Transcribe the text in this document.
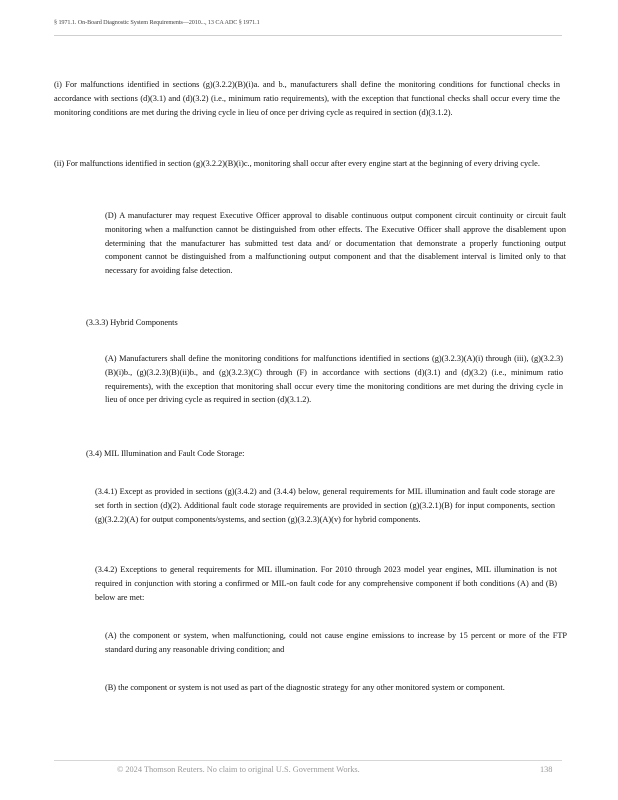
§ 1971.1. On-Board Diagnostic System Requirements—2010..., 13 CA ADC § 1971.1

(i) For malfunctions identified in sections (g)(3.2.2)(B)(i)a. and b., manufacturers shall define the monitoring conditions for functional checks in accordance with sections (d)(3.1) and (d)(3.2) (i.e., minimum ratio requirements), with the exception that functional checks shall occur every time the monitoring conditions are met during the driving cycle in lieu of once per driving cycle as required in section (d)(3.1.2).

(ii) For malfunctions identified in section (g)(3.2.2)(B)(i)c., monitoring shall occur after every engine start at the beginning of every driving cycle.

(D) A manufacturer may request Executive Officer approval to disable continuous output component circuit continuity or circuit fault monitoring when a malfunction cannot be distinguished from other effects. The Executive Officer shall approve the disablement upon determining that the manufacturer has submitted test data and/ or documentation that demonstrate a properly functioning output component cannot be distinguished from a malfunctioning output component and that the disablement interval is limited only to that necessary for avoiding false detection.

(3.3.3) Hybrid Components

(A) Manufacturers shall define the monitoring conditions for malfunctions identified in sections (g)(3.2.3)(A)(i) through (iii), (g)(3.2.3)(B)(i)b., (g)(3.2.3)(B)(ii)b., and (g)(3.2.3)(C) through (F) in accordance with sections (d)(3.1) and (d)(3.2) (i.e., minimum ratio requirements), with the exception that monitoring shall occur every time the monitoring conditions are met during the driving cycle in lieu of once per driving cycle as required in section (d)(3.1.2).

(3.4) MIL Illumination and Fault Code Storage:

(3.4.1) Except as provided in sections (g)(3.4.2) and (3.4.4) below, general requirements for MIL illumination and fault code storage are set forth in section (d)(2). Additional fault code storage requirements are provided in section (g)(3.2.1)(B) for input components, section (g)(3.2.2)(A) for output components/systems, and section (g)(3.2.3)(A)(v) for hybrid components.

(3.4.2) Exceptions to general requirements for MIL illumination. For 2010 through 2023 model year engines, MIL illumination is not required in conjunction with storing a confirmed or MIL-on fault code for any comprehensive component if both conditions (A) and (B) below are met:

(A) the component or system, when malfunctioning, could not cause engine emissions to increase by 15 percent or more of the FTP standard during any reasonable driving condition; and

(B) the component or system is not used as part of the diagnostic strategy for any other monitored system or component.

© 2024 Thomson Reuters. No claim to original U.S. Government Works.	138
